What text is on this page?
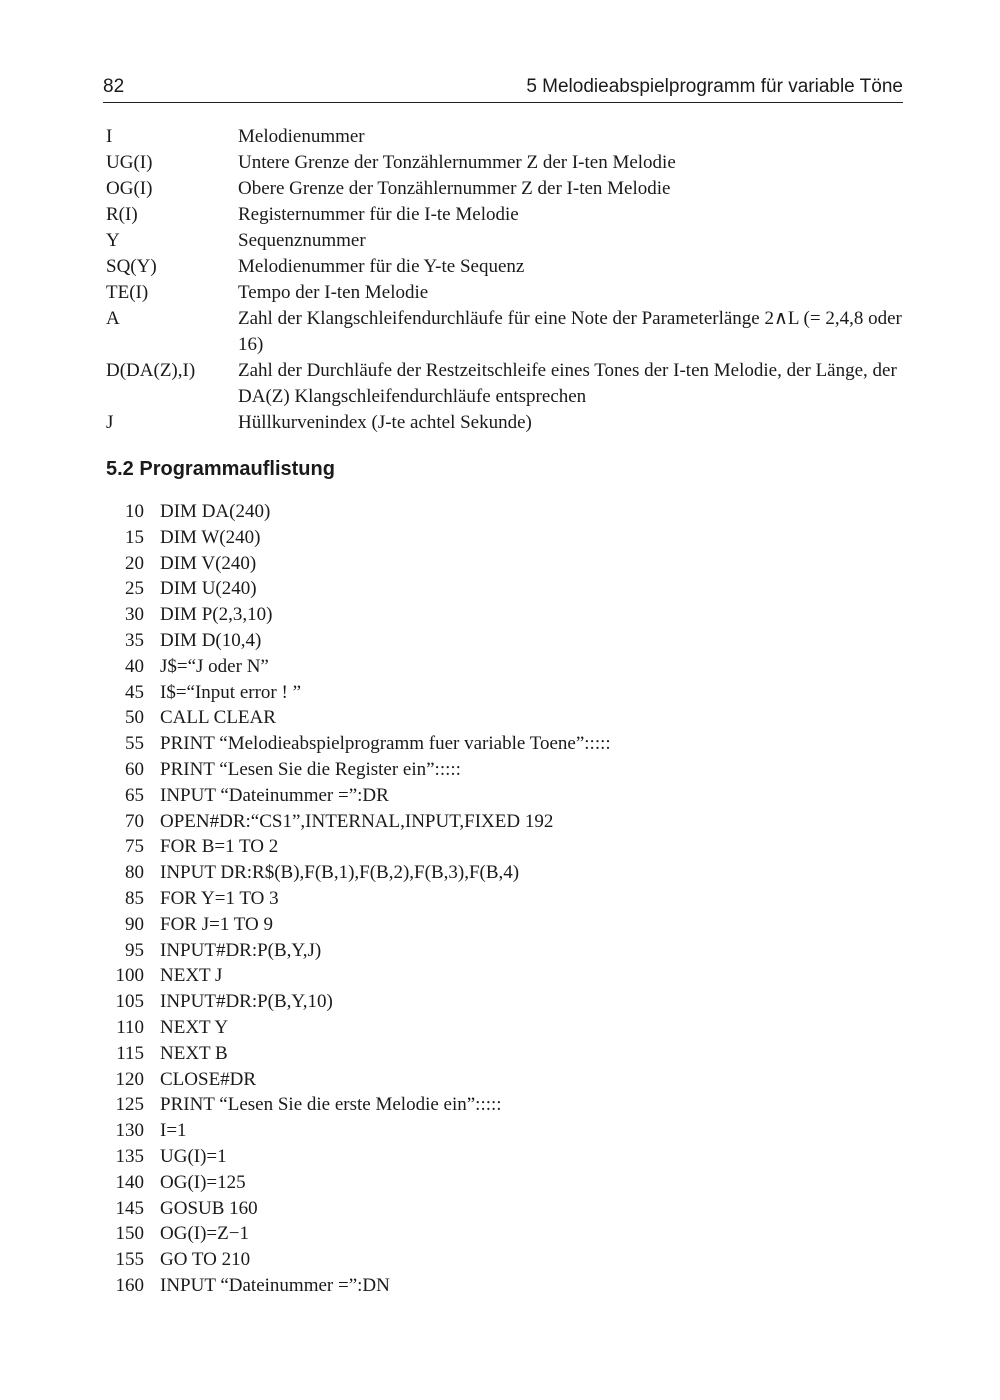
82	5 Melodieabspielprogramm für variable Töne
I	Melodienummer
UG(I)	Untere Grenze der Tonzählernummer Z der I-ten Melodie
OG(I)	Obere Grenze der Tonzählernummer Z der I-ten Melodie
R(I)	Registernummer für die I-te Melodie
Y	Sequenznummer
SQ(Y)	Melodienummer für die Y-te Sequenz
TE(I)	Tempo der I-ten Melodie
A	Zahl der Klangschleifendurchläufe für eine Note der Parameterlänge 2∧L (= 2,4,8 oder 16)
D(DA(Z),I)	Zahl der Durchläufe der Restzeitschleife eines Tones der I-ten Melodie, der Länge, der DA(Z) Klangschleifendurchläufe entsprechen
J	Hüllkurvenindex (J-te achtel Sekunde)
5.2 Programmauflistung
10 DIM DA(240)
15 DIM W(240)
20 DIM V(240)
25 DIM U(240)
30 DIM P(2,3,10)
35 DIM D(10,4)
40 J$=“J oder N”
45 I$=“Input error ! ”
50 CALL CLEAR
55 PRINT “Melodieabspielprogramm fuer variable Toene”:::::
60 PRINT “Lesen Sie die Register ein”:::::
65 INPUT “Dateinummer =”:DR
70 OPEN#DR:“CS1”,INTERNAL,INPUT,FIXED 192
75 FOR B=1 TO 2
80 INPUT DR:R$(B),F(B,1),F(B,2),F(B,3),F(B,4)
85 FOR Y=1 TO 3
90 FOR J=1 TO 9
95 INPUT#DR:P(B,Y,J)
100 NEXT J
105 INPUT#DR:P(B,Y,10)
110 NEXT Y
115 NEXT B
120 CLOSE#DR
125 PRINT “Lesen Sie die erste Melodie ein”:::::
130 I=1
135 UG(I)=1
140 OG(I)=125
145 GOSUB 160
150 OG(I)=Z−1
155 GO TO 210
160 INPUT “Dateinummer =”:DN
